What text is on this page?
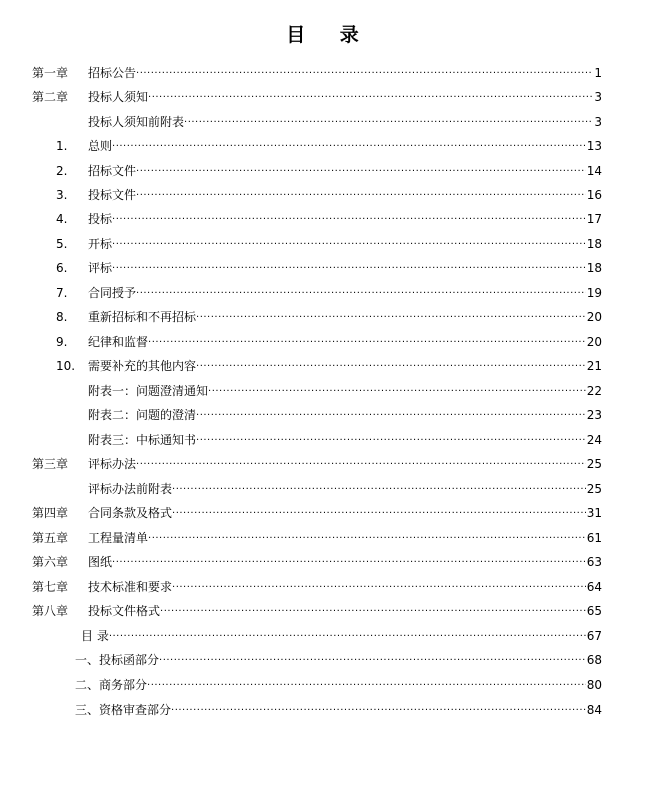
目 录
第一章 招标公告 ·····	1
第二章 投标人须知 ·····	3
投标人须知前附表 ·····	3
1. 总则 ·····	13
2. 招标文件 ·····	14
3. 投标文件 ·····	16
4. 投标 ·····	17
5. 开标 ·····	18
6. 评标 ·····	18
7. 合同授予 ·····	19
8. 重新招标和不再招标 ·····	20
9. 纪律和监督 ·····	20
10. 需要补充的其他内容 ·····	21
附表一：问题澄清通知 ·····	22
附表二：问题的澄清 ·····	23
附表三：中标通知书 ·····	24
第三章 评标办法 ·····	25
评标办法前附表 ·····	25
第四章 合同条款及格式 ·····	31
第五章 工程量清单 ·····	61
第六章 图纸 ·····	63
第七章 技术标准和要求 ·····	64
第八章 投标文件格式 ·····	65
目 录 ·····	67
一、投标函部分 ·····	68
二、商务部分 ·····	80
三、资格审查部分 ·····	84
